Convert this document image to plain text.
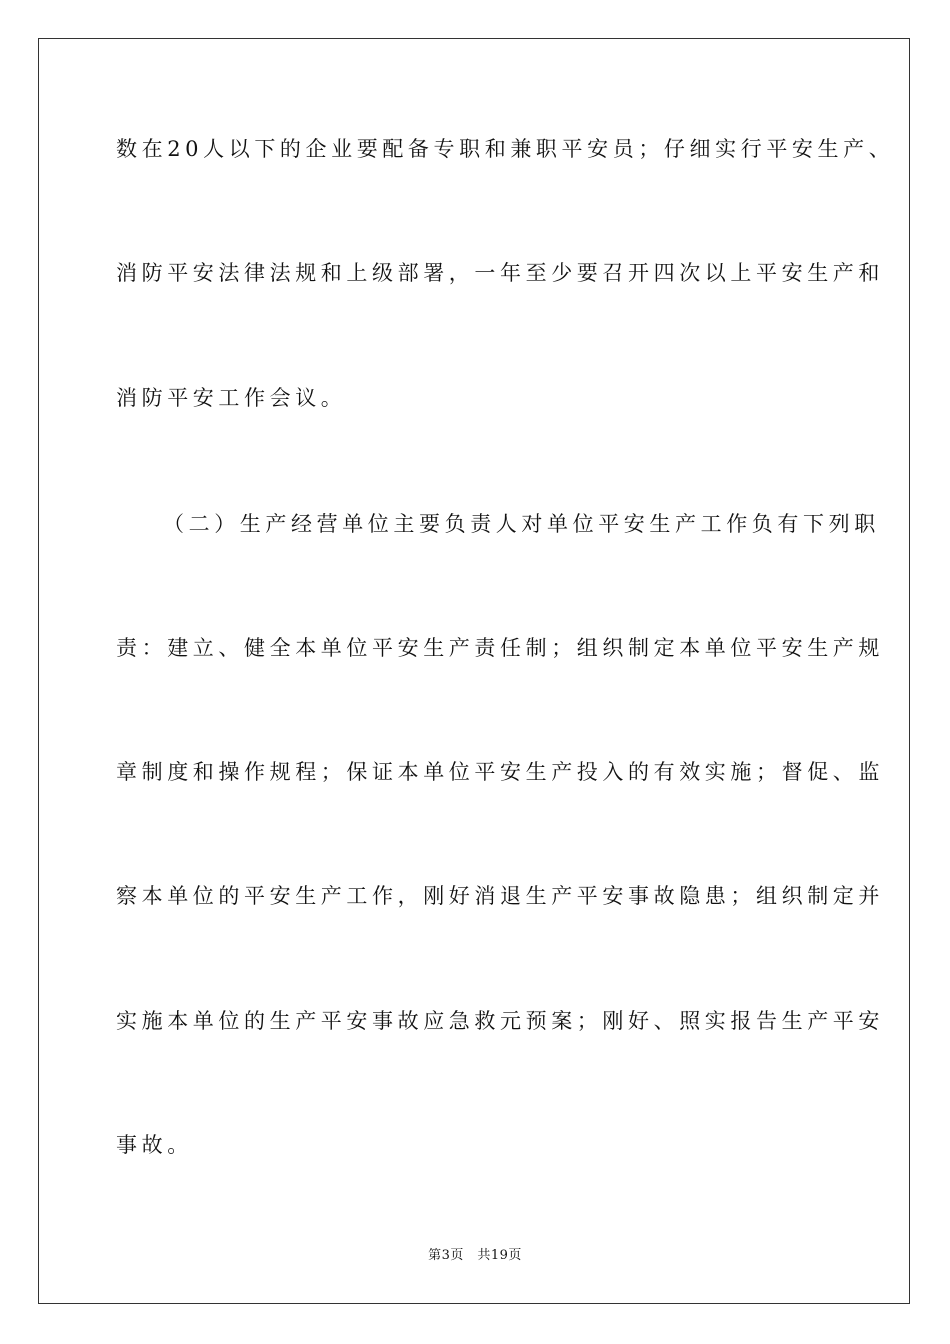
数在20人以下的企业要配备专职和兼职平安员；仔细实行平安生产、
消防平安法律法规和上级部署，一年至少要召开四次以上平安生产和
消防平安工作会议。
（二）生产经营单位主要负责人对单位平安生产工作负有下列职
责：建立、健全本单位平安生产责任制；组织制定本单位平安生产规
章制度和操作规程；保证本单位平安生产投入的有效实施；督促、监
察本单位的平安生产工作，刚好消退生产平安事故隐患；组织制定并
实施本单位的生产平安事故应急救元预案；刚好、照实报告生产平安
事故。
第3页　共19页
